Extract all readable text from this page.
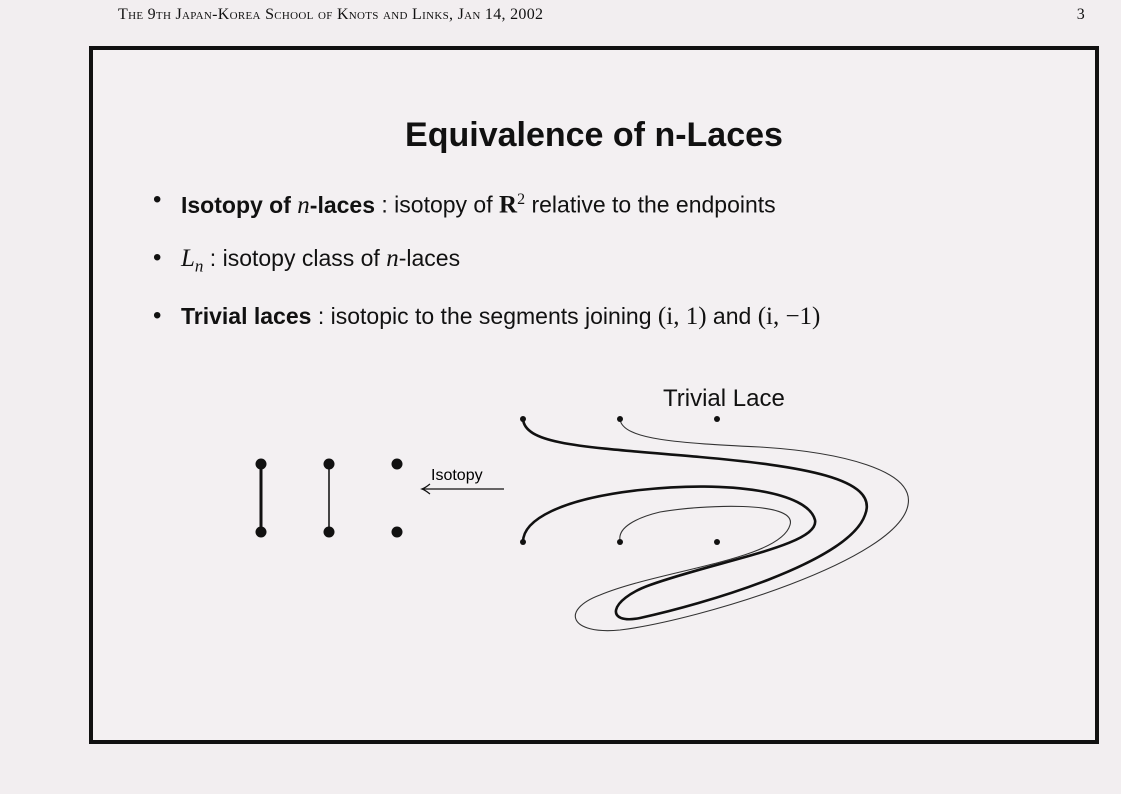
The 9th Japan-Korea School of Knots and Links, Jan 14, 2002	3
Equivalence of n-Laces
• Isotopy of n-laces : isotopy of $R^2$ relative to the endpoints
• $L_n$ : isotopy class of n-laces
• Trivial laces : isotopic to the segments joining (i, 1) and (i, −1)
Isotopy
Trivial Lace
